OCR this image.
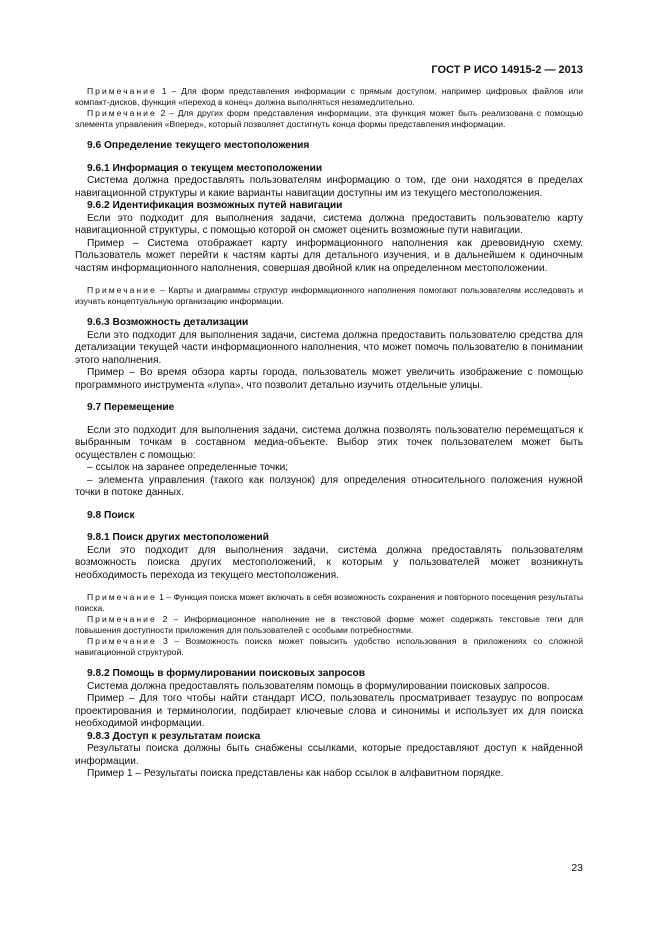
ГОСТ Р ИСО 14915-2 — 2013

Примечание 1 – Для форм представления информации с прямым доступом, например цифровых файлов или компакт-дисков, функция «переход в конец» должна выполняться незамедлительно.

Примечание 2 – Для других форм представления информации, эта функция может быть реализована с помощью элемента управления «Вперед», который позволяет достигнуть конца формы представления информации.

9.6 Определение текущего местоположения

9.6.1 Информация о текущем местоположении

Система должна предоставлять пользователям информацию о том, где они находятся в пределах навигационной структуры и какие варианты навигации доступны им из текущего местоположения.

9.6.2 Идентификация возможных путей навигации

Если это подходит для выполнения задачи, система должна предоставить пользователю карту навигационной структуры, с помощью которой он сможет оценить возможные пути навигации.

Пример – Система отображает карту информационного наполнения как древовидную схему. Пользователь может перейти к частям карты для детального изучения, и в дальнейшем к одиночным частям информационного наполнения, совершая двойной клик на определенном местоположении.

Примечание – Карты и диаграммы структур информационного наполнения помогают пользователям исследовать и изучать концептуальную организацию информации.

9.6.3 Возможность детализации

Если это подходит для выполнения задачи, система должна предоставить пользователю средства для детализации текущей части информационного наполнения, что может помочь пользователю в понимании этого наполнения.

Пример – Во время обзора карты города, пользователь может увеличить изображение с помощью программного инструмента «лупа», что позволит детально изучить отдельные улицы.

9.7 Перемещение

Если это подходит для выполнения задачи, система должна позволять пользователю перемещаться к выбранным точкам в составном медиа-объекте. Выбор этих точек пользователем может быть осуществлен с помощью:

– ссылок на заранее определенные точки;

– элемента управления (такого как ползунок) для определения относительного положения нужной точки в потоке данных.

9.8 Поиск

9.8.1 Поиск других местоположений

Если это подходит для выполнения задачи, система должна предоставлять пользователям возможность поиска других местоположений, к которым у пользователей может возникнуть необходимость перехода из текущего местоположения.

Примечание 1 – Функция поиска может включать в себя возможность сохранения и повторного посещения результаты поиска.

Примечание 2 – Информационное наполнение не в текстовой форме может содержать текстовые теги для повышения доступности приложения для пользователей с особыми потребностями.

Примечание 3 – Возможность поиска может повысить удобство использования в приложениях со сложной навигационной структурой.

9.8.2 Помощь в формулировании поисковых запросов

Система должна предоставлять пользователям помощь в формулировании поисковых запросов.

Пример – Для того чтобы найти стандарт ИСО, пользователь просматривает тезаурус по вопросам проектирования и терминологии, подбирает ключевые слова и синонимы и использует их для поиска необходимой информации.

9.8.3 Доступ к результатам поиска

Результаты поиска должны быть снабжены ссылками, которые предоставляют доступ к найденной информации.

Пример 1 – Результаты поиска представлены как набор ссылок в алфавитном порядке.

23
